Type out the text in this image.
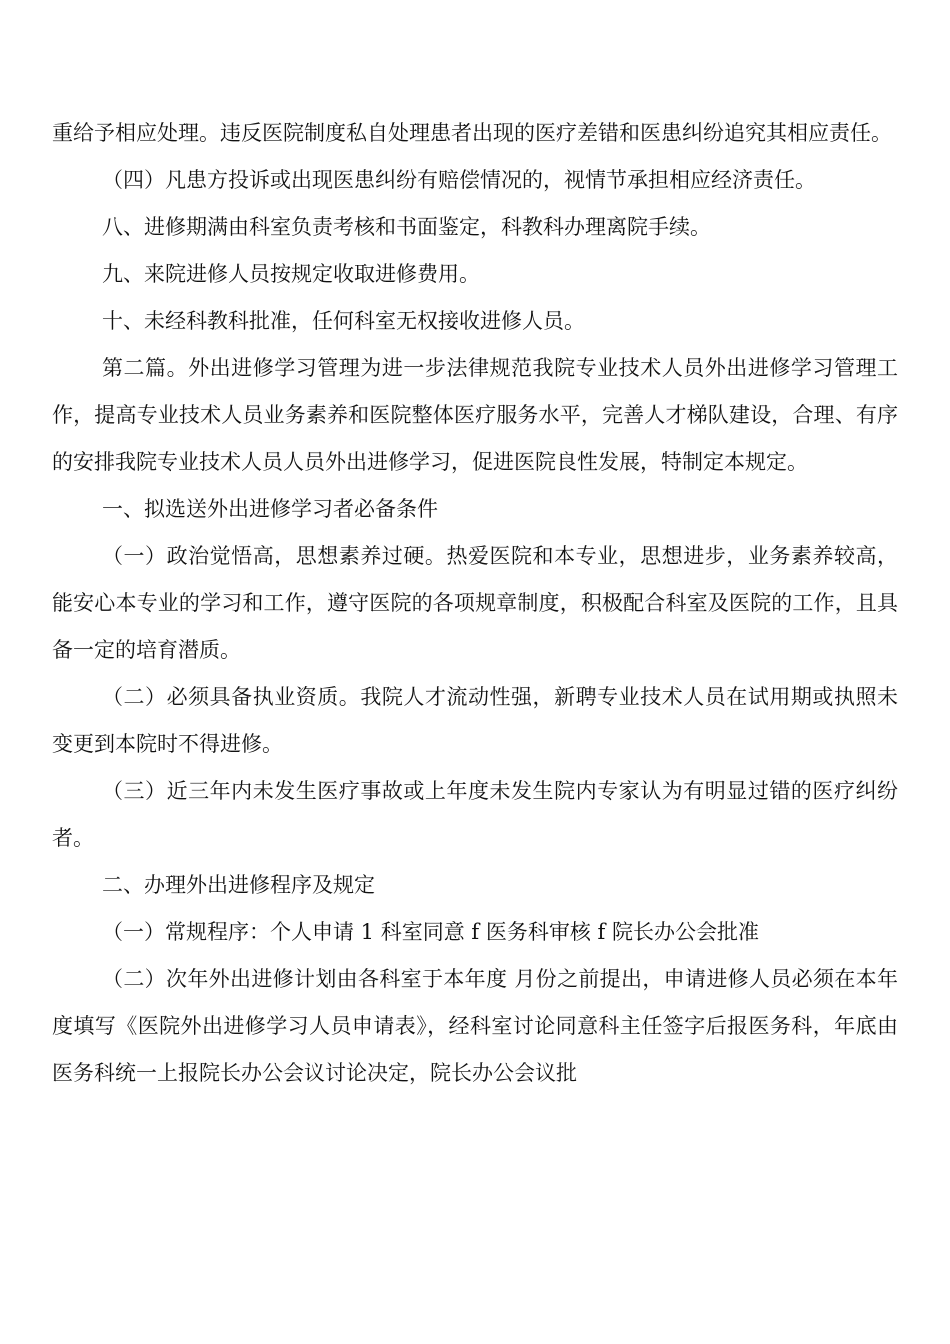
重给予相应处理。违反医院制度私自处理患者出现的医疗差错和医患纠纷追究其相应责任。

（四）凡患方投诉或出现医患纠纷有赔偿情况的，视情节承担相应经济责任。

八、进修期满由科室负责考核和书面鉴定，科教科办理离院手续。

九、来院进修人员按规定收取进修费用。

十、未经科教科批准，任何科室无权接收进修人员。

第二篇。外出进修学习管理为进一步法律规范我院专业技术人员外出进修学习管理工作，提高专业技术人员业务素养和医院整体医疗服务水平，完善人才梯队建设，合理、有序的安排我院专业技术人员人员外出进修学习，促进医院良性发展，特制定本规定。

一、拟选送外出进修学习者必备条件

（一）政治觉悟高，思想素养过硬。热爱医院和本专业，思想进步，业务素养较高，能安心本专业的学习和工作，遵守医院的各项规章制度，积极配合科室及医院的工作，且具备一定的培育潜质。

（二）必须具备执业资质。我院人才流动性强，新聘专业技术人员在试用期或执照未变更到本院时不得进修。

（三）近三年内未发生医疗事故或上年度未发生院内专家认为有明显过错的医疗纠纷者。

二、办理外出进修程序及规定

（一）常规程序：个人申请 1 科室同意 f 医务科审核 f 院长办公会批准

（二）次年外出进修计划由各科室于本年度 月份之前提出，申请进修人员必须在本年度填写《医院外出进修学习人员申请表》，经科室讨论同意科主任签字后报医务科，年底由医务科统一上报院长办公会议讨论决定，院长办公会议批
